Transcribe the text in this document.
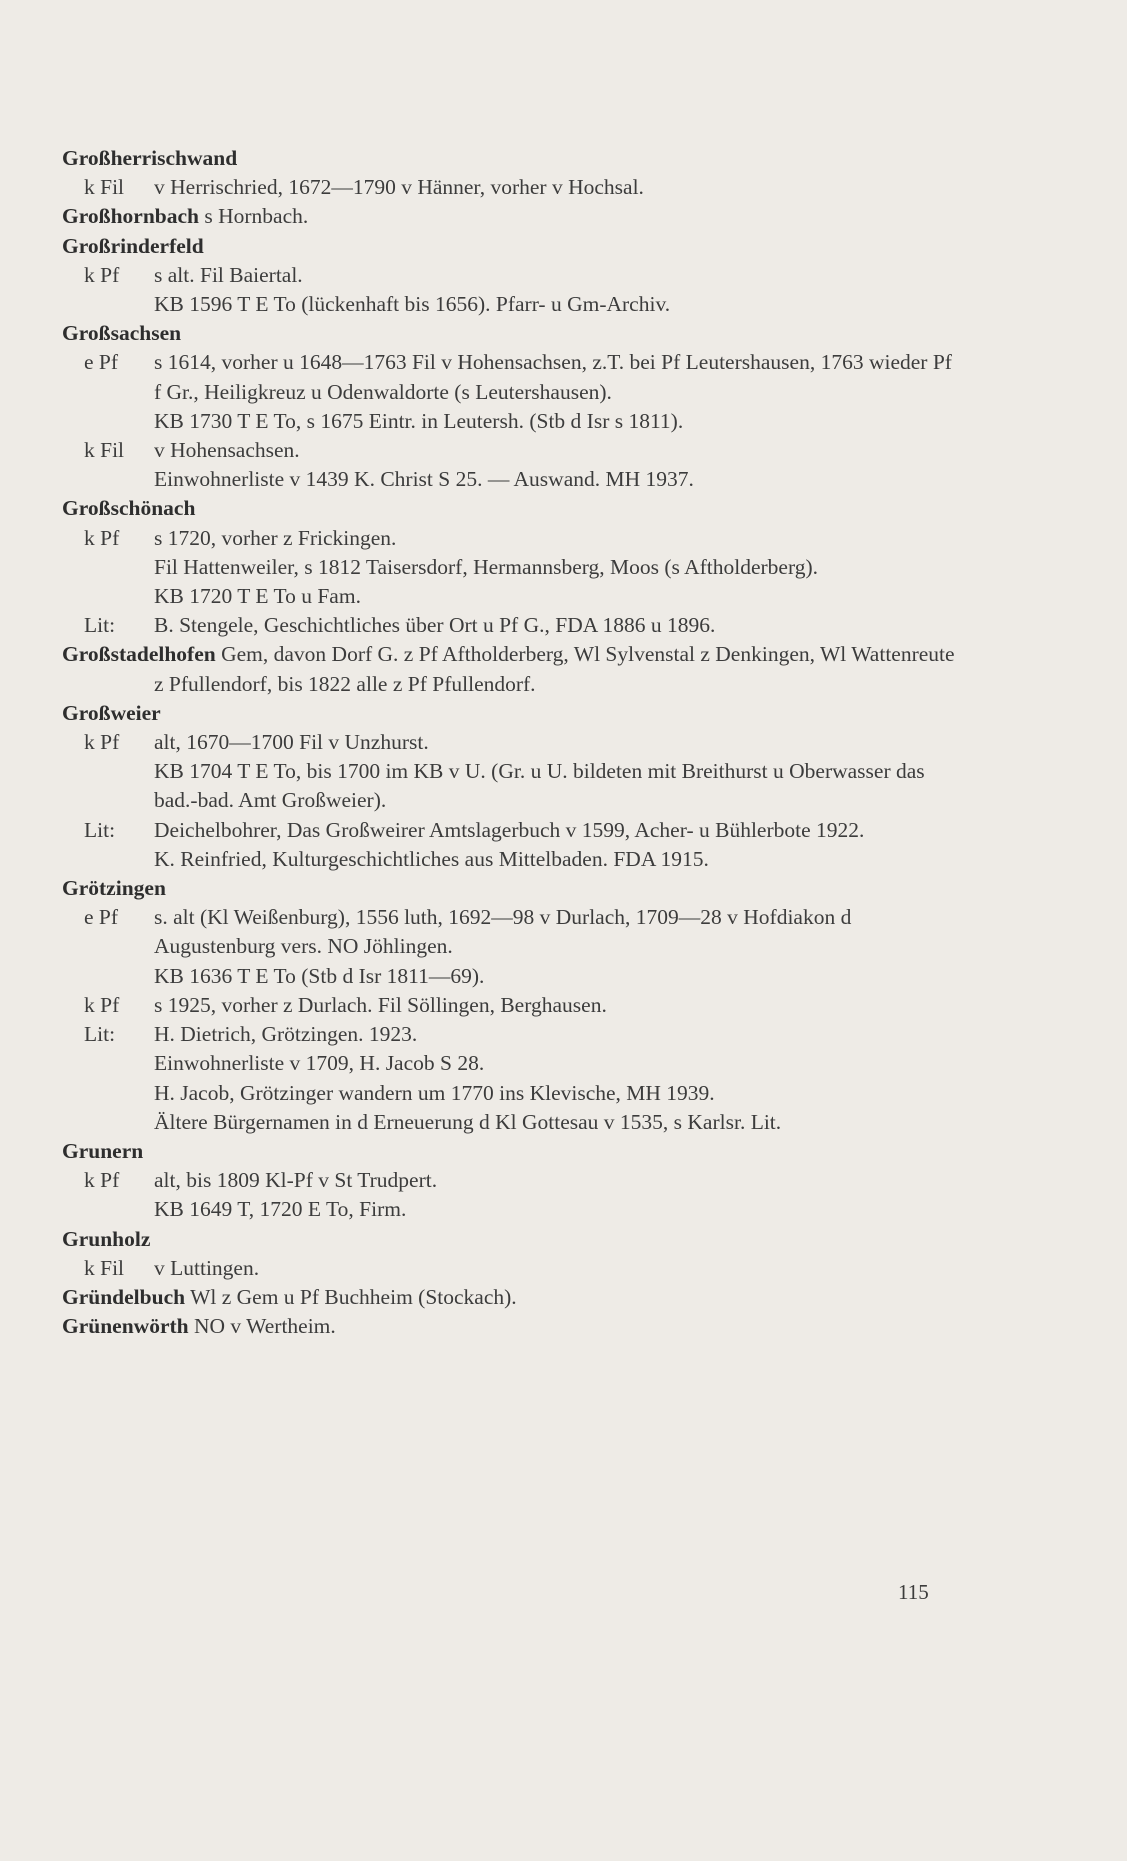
Großherrischwand
k Fil	v Herrischried, 1672—1790 v Hänner, vorher v Hochsal.
Großhornbach s Hornbach.
Großrinderfeld
k Pf	s alt. Fil Baiertal.
KB 1596 T E To (lückenhaft bis 1656). Pfarr- u Gm-Archiv.
Großsachsen
e Pf	s 1614, vorher u 1648—1763 Fil v Hohensachsen, z.T. bei Pf Leutershausen, 1763 wieder Pf f Gr., Heiligkreuz u Odenwaldorte (s Leutershausen).
KB 1730 T E To, s 1675 Eintr. in Leutersh. (Stb d Isr s 1811).
k Fil	v Hohensachsen.
Einwohnerliste v 1439 K. Christ S 25. — Auswand. MH 1937.
Großschönach
k Pf	s 1720, vorher z Frickingen.
Fil Hattenweiler, s 1812 Taisersdorf, Hermannsberg, Moos (s Aftholderberg).
KB 1720 T E To u Fam.
Lit:	B. Stengele, Geschichtliches über Ort u Pf G., FDA 1886 u 1896.
Großstadelhofen Gem, davon Dorf G. z Pf Aftholderberg, Wl Sylvenstal z Denkingen, Wl Wattenreute z Pfullendorf, bis 1822 alle z Pf Pfullendorf.
Großweier
k Pf	alt, 1670—1700 Fil v Unzhurst.
KB 1704 T E To, bis 1700 im KB v U. (Gr. u U. bildeten mit Breithurst u Oberwasser das bad.-bad. Amt Großweier).
Lit:	Deichelbohrer, Das Großweirer Amtslagerbuch v 1599, Acher- u Bühlerbote 1922.
K. Reinfried, Kulturgeschichtliches aus Mittelbaden. FDA 1915.
Grötzingen
e Pf	s. alt (Kl Weißenburg), 1556 luth, 1692—98 v Durlach, 1709—28 v Hofdiakon d Augustenburg vers. NO Jöhlingen.
KB 1636 T E To (Stb d Isr 1811—69).
k Pf	s 1925, vorher z Durlach. Fil Söllingen, Berghausen.
Lit:	H. Dietrich, Grötzingen. 1923.
Einwohnerliste v 1709, H. Jacob S 28.
H. Jacob, Grötzinger wandern um 1770 ins Klevische, MH 1939.
Ältere Bürgernamen in d Erneuerung d Kl Gottesau v 1535, s Karlsr. Lit.
Grunern
k Pf	alt, bis 1809 Kl-Pf v St Trudpert.
KB 1649 T, 1720 E To, Firm.
Grunholz
k Fil	v Luttingen.
Gründelbuch Wl z Gem u Pf Buchheim (Stockach).
Grünenwörth NO v Wertheim.
115
